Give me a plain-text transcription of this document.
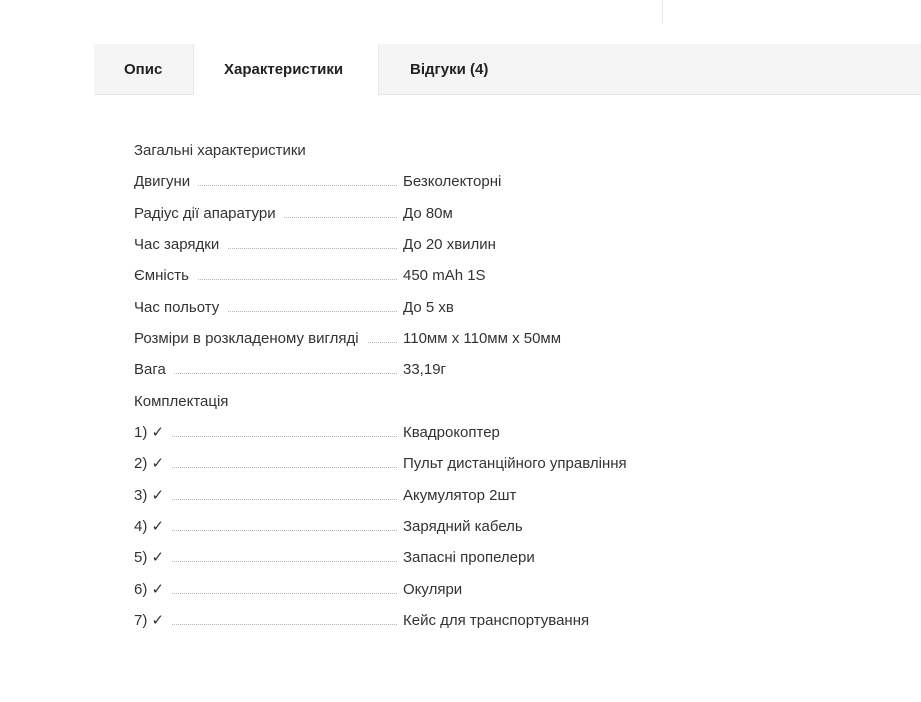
Опис	Характеристики	Відгуки (4)
Загальні характеристики
Двигуни	Безколекторні
Радіус дії апаратури	До 80м
Час зарядки	До 20 хвилин
Ємність	450 mAh 1S
Час польоту	До 5 хв
Розміри в розкладеному вигляді	110мм х 110мм х 50мм
Вага	33,19г
Комплектація
1) ✓	Квадрокоптер
2) ✓	Пульт дистанційного управління
3) ✓	Акумулятор 2шт
4) ✓	Зарядний кабель
5) ✓	Запасні пропелери
6) ✓	Окуляри
7) ✓	Кейс для транспортування
